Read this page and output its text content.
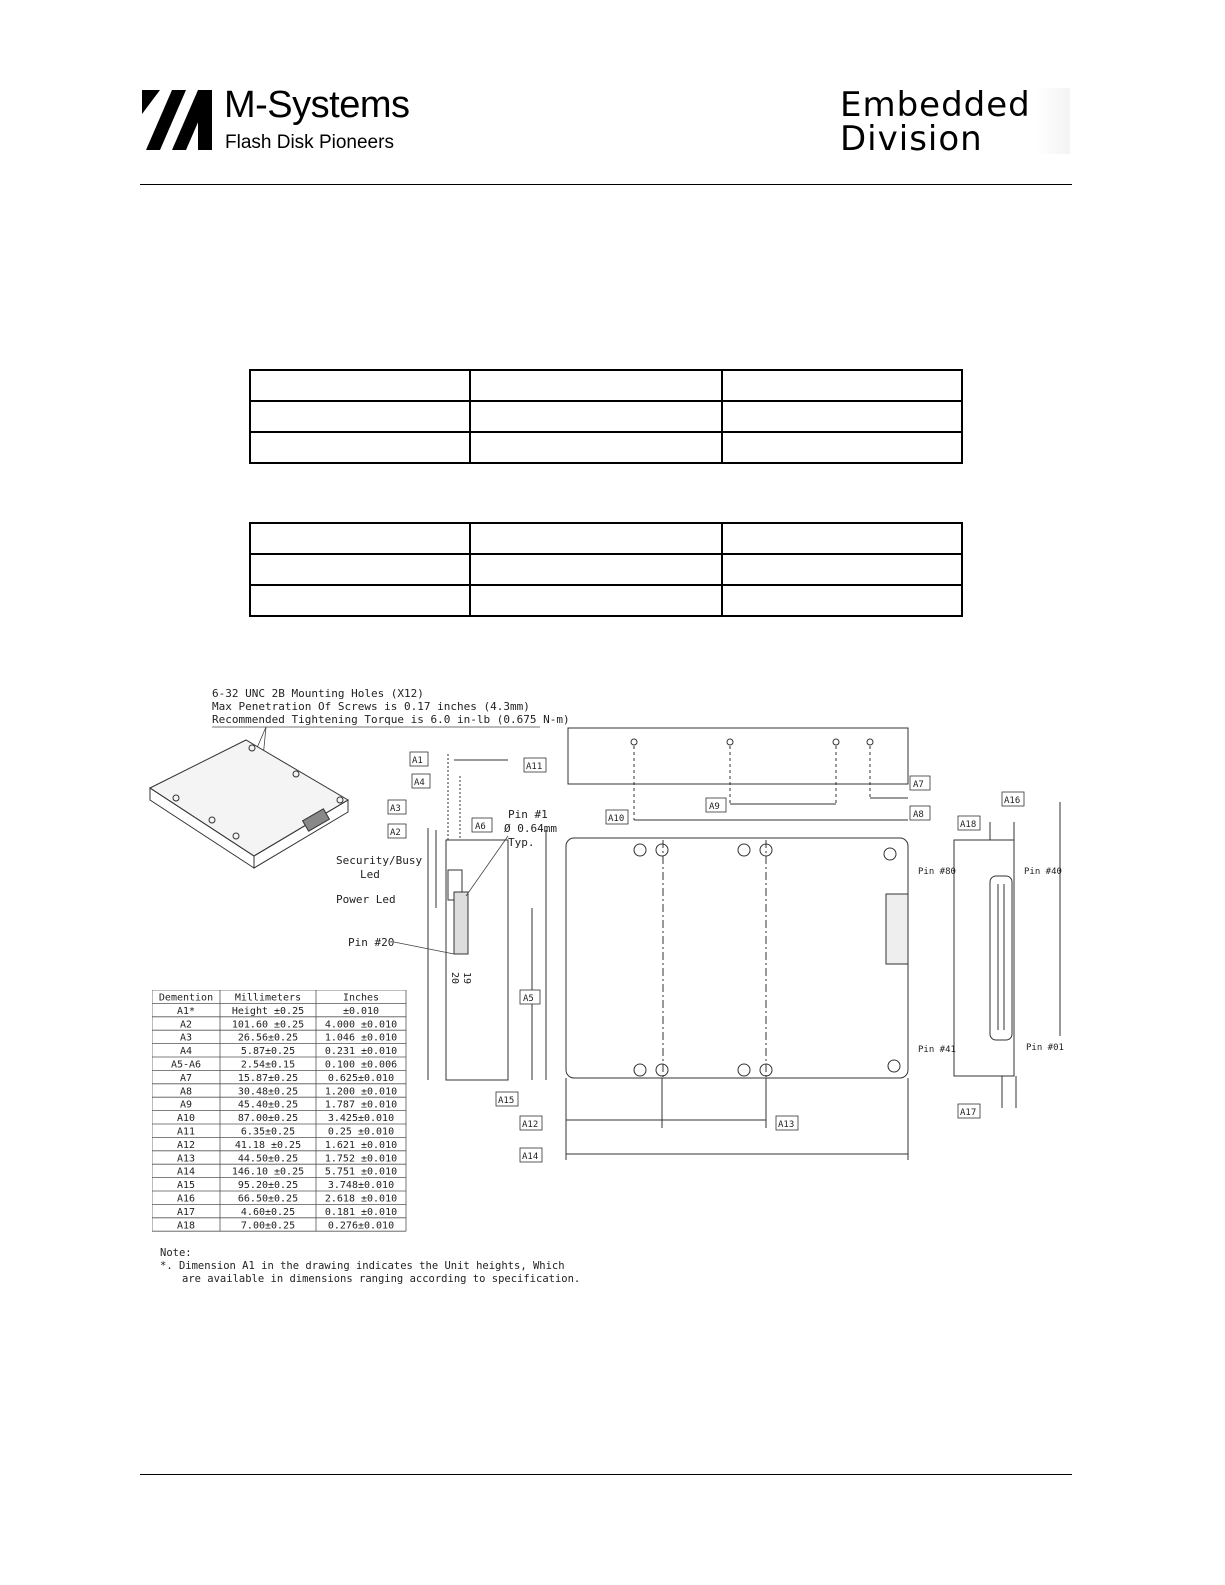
M-Systems
Flash Disk Pioneers
Embedded
Division

6-32 UNC 2B Mounting Holes (X12)
Max Penetration Of Screws is 0.17 inches (4.3mm)
Recommended Tightening Torque is 6.0 in-lb (0.675 N-m)
Security/Busy
Led
Power Led
Pin #20
Pin #1
Ø 0.64mm
Typ.
20 19
Pin #80	Pin #40
Pin #41	Pin #01
A1
A4
A3
A2
A6
A5
A11
A10
A9
A7
A8
A15
A12	A13
A14
A16
A18
A17
Demention Millimeters	Inches
A1*	Height ±0.25	±0.010
A2	101.60 ±0.25 4.000 ±0.010
A3	26.56±0.25	1.046 ±0.010
A4	5.87±0.25	0.231 ±0.010
A5-A6	2.54±0.15	0.100 ±0.006
A7	15.87±0.25	0.625±0.010
A8	30.48±0.25	1.200 ±0.010
A9	45.40±0.25	1.787 ±0.010
A10	87.00±0.25	3.425±0.010
A11	6.35±0.25	0.25 ±0.010
A12	41.18 ±0.25 1.621 ±0.010
A13	44.50±0.25	1.752 ±0.010
A14	146.10 ±0.25 5.751 ±0.010
A15	95.20±0.25	3.748±0.010
A16	66.50±0.25	2.618 ±0.010
A17	4.60±0.25	0.181 ±0.010
A18	7.00±0.25	0.276±0.010
Note:
*. Dimension A1 in the drawing indicates the Unit heights, Which
are available in dimensions ranging according to specification.
